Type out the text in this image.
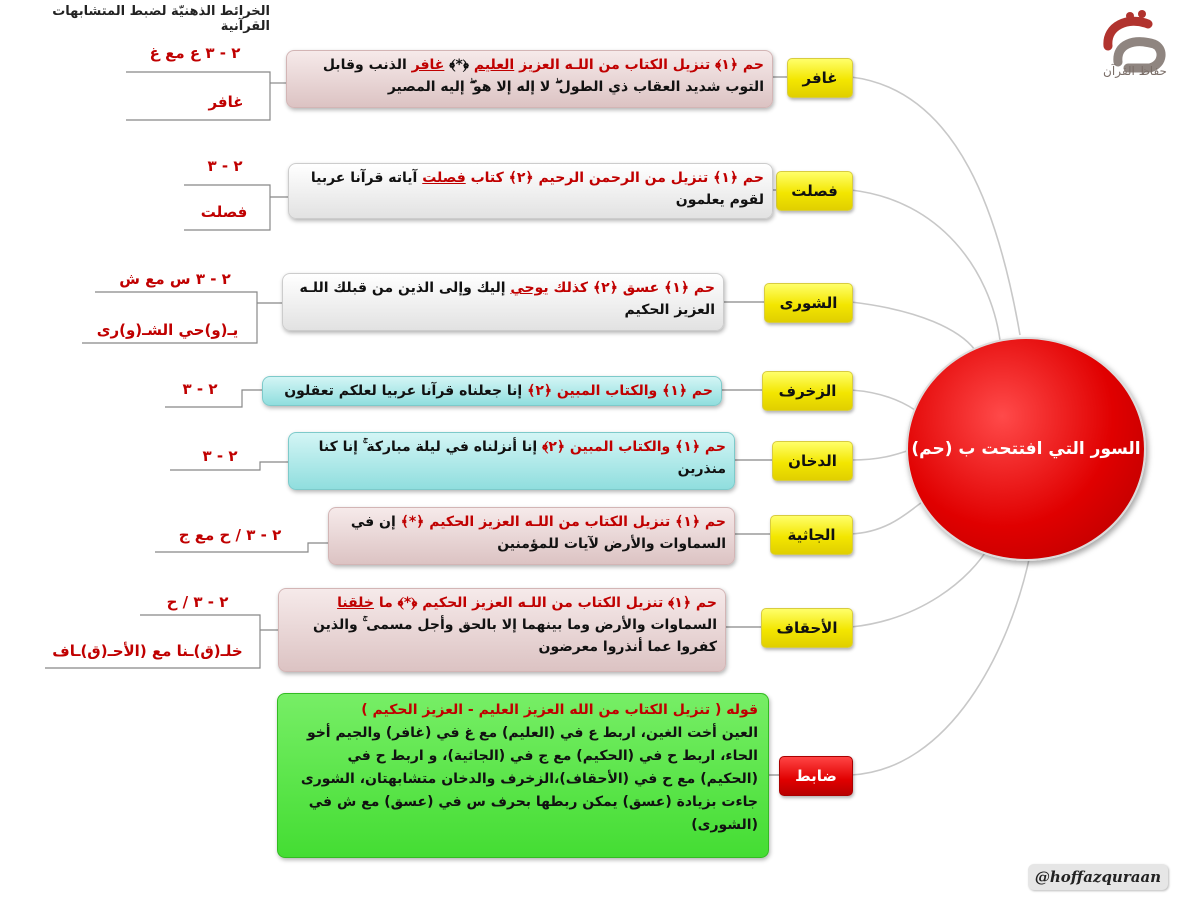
الخرائط الذهنيّة لضبط المتشابهات القرآنية
حفاظ القرآن
السور التي افتتحت ب (حم)
غافر
حم ﴿١﴾ تنزيل الكتاب من اللـه العزيز العليم ﴿*﴾ غافر الذنب وقابل التوب شديد العقاب ذي الطول ۖ لا إله إلا هو ۖ إليه المصير
٢ - ٣ ع مع غ
غافر
فصلت
حم ﴿١﴾ تنزيل من الرحمن الرحيم ﴿٢﴾ كتاب فصلت آياته قرآنا عربيا لقوم يعلمون
٢ - ٣
فصلت
الشورى
حم ﴿١﴾ عسق ﴿٢﴾ كذلك يوحي إليك وإلى الذين من قبلك اللـه العزيز الحكيم
٢ - ٣ س مع ش
يـ(و)حي الشـ(و)رى
الزخرف
حم ﴿١﴾ والكتاب المبين ﴿٢﴾ إنا جعلناه قرآنا عربيا لعلكم تعقلون
٢ - ٣
الدخان
حم ﴿١﴾ والكتاب المبين ﴿٢﴾ إنا أنزلناه في ليلة مباركة ۚ إنا كنا منذرين
٢ - ٣
الجاثية
حم ﴿١﴾ تنزيل الكتاب من اللـه العزيز الحكيم ﴿*﴾ إن في السماوات والأرض لآيات للمؤمنين
٢ - ٣ / ح مع ج
الأحقاف
حم ﴿١﴾ تنزيل الكتاب من اللـه العزيز الحكيم ﴿*﴾ ما خلقنا السماوات والأرض وما بينهما إلا بالحق وأجل مسمى ۚ والذين كفروا عما أنذروا معرضون
٢ - ٣ / ح
خلـ(ق)ـنا مع (الأحـ(ق)ـاف
ضابط
قوله ( تنزيل الكتاب من الله العزيز العليم - العزيز الحكيم )
العين أخت الغين، اربط ع في (العليم) مع غ في (غافر) والجيم أخو الحاء، اربط ح في (الحكيم) مع ج في (الجاثية)، و اربط ح في (الحكيم) مع ح في (الأحقاف)،الزخرف والدخان متشابهتان، الشورى جاءت بزيادة (عسق) يمكن ربطها بحرف س في (عسق) مع ش في (الشورى)
@hoffazquraan
